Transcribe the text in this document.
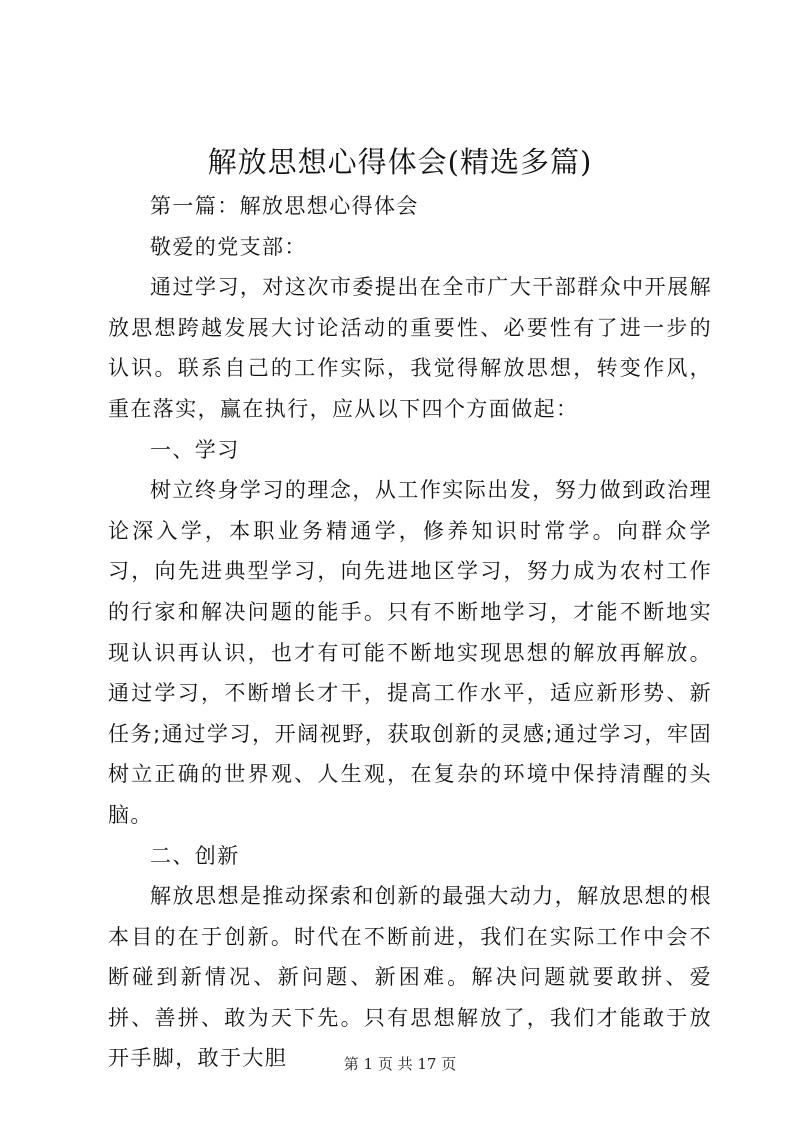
解放思想心得体会(精选多篇)

第一篇：解放思想心得体会

敬爱的党支部：

通过学习，对这次市委提出在全市广大干部群众中开展解放思想跨越发展大讨论活动的重要性、必要性有了进一步的认识。联系自己的工作实际，我觉得解放思想，转变作风，重在落实，赢在执行，应从以下四个方面做起：

一、学习

树立终身学习的理念，从工作实际出发，努力做到政治理论深入学，本职业务精通学，修养知识时常学。向群众学习，向先进典型学习，向先进地区学习，努力成为农村工作的行家和解决问题的能手。只有不断地学习，才能不断地实现认识再认识，也才有可能不断地实现思想的解放再解放。通过学习，不断增长才干，提高工作水平，适应新形势、新任务;通过学习，开阔视野，获取创新的灵感;通过学习，牢固树立正确的世界观、人生观，在复杂的环境中保持清醒的头脑。

二、创新

解放思想是推动探索和创新的最强大动力，解放思想的根本目的在于创新。时代在不断前进，我们在实际工作中会不断碰到新情况、新问题、新困难。解决问题就要敢拼、爱拼、善拼、敢为天下先。只有思想解放了，我们才能敢于放开手脚，敢于大胆	第 1 页 共 17 页
